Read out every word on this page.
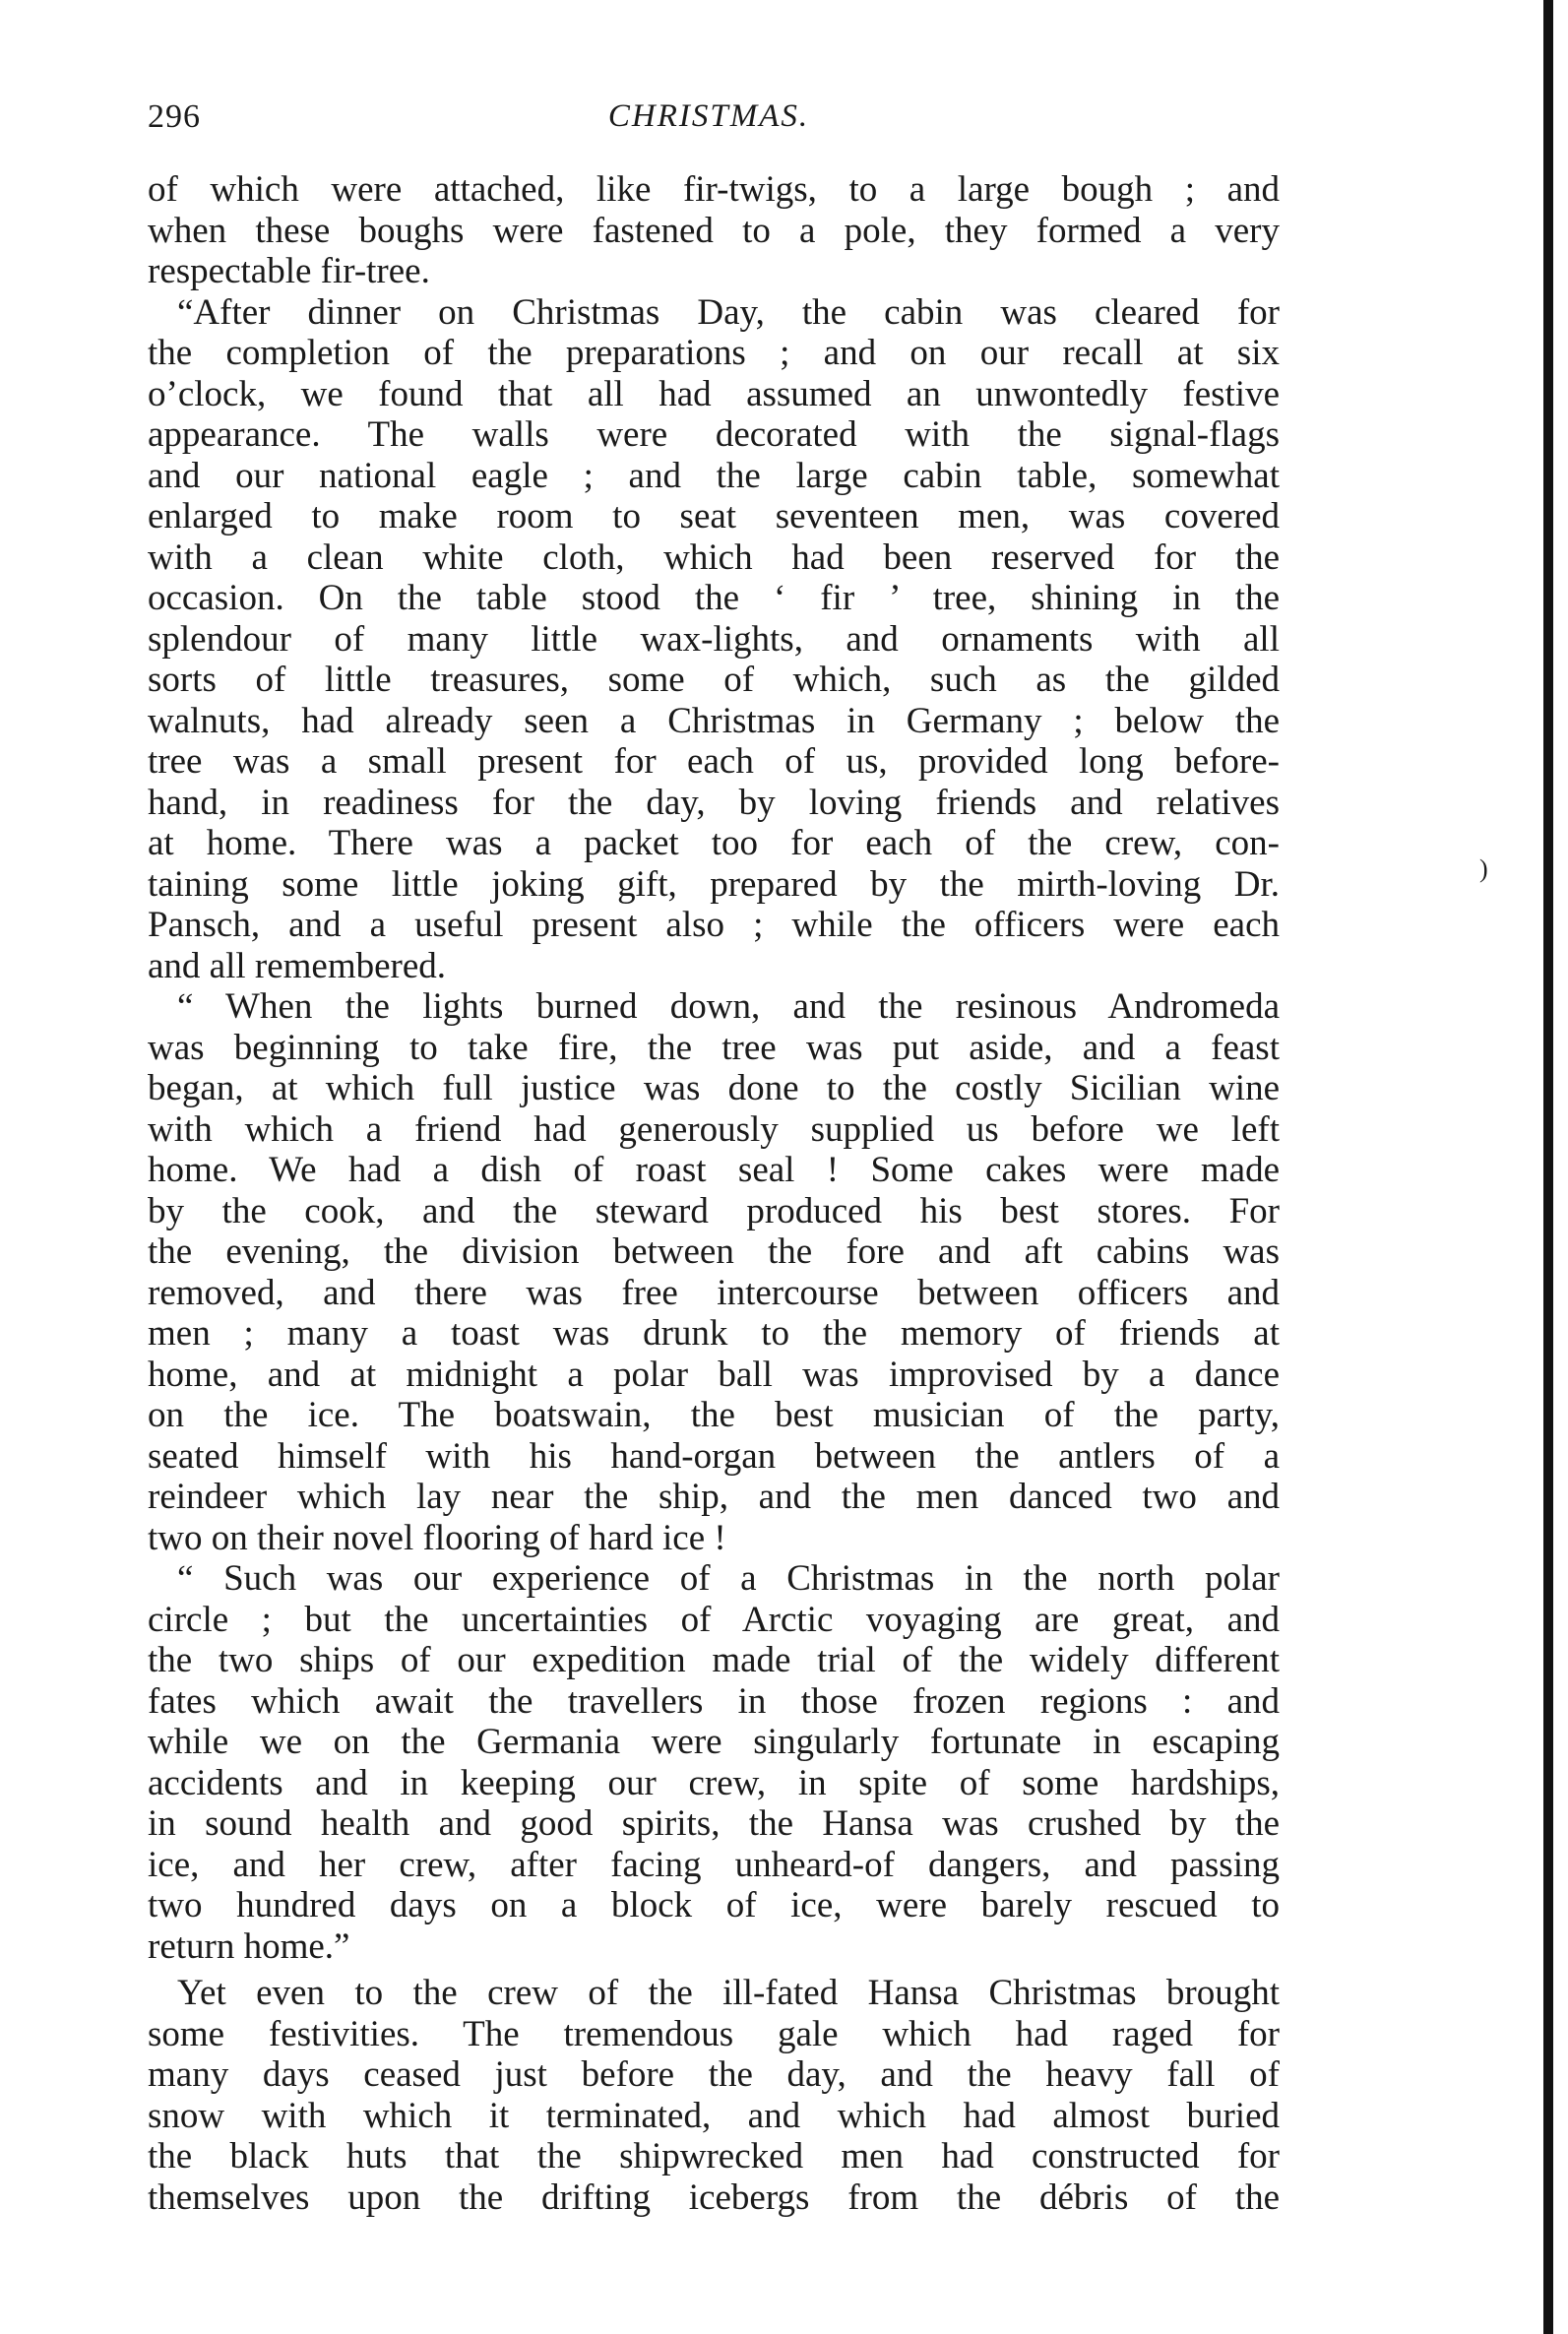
296	CHRISTMAS.
of which were attached, like fir-twigs, to a large bough ; and
when these boughs were fastened to a pole, they formed a very
respectable fir-tree.
“After dinner on Christmas Day, the cabin was cleared for
the completion of the preparations ; and on our recall at six
o’clock, we found that all had assumed an unwontedly festive
appearance. The walls were decorated with the signal-flags
and our national eagle ; and the large cabin table, somewhat
enlarged to make room to seat seventeen men, was covered
with a clean white cloth, which had been reserved for the
occasion. On the table stood the ‘ fir ’ tree, shining in the
splendour of many little wax-lights, and ornaments with all
sorts of little treasures, some of which, such as the gilded
walnuts, had already seen a Christmas in Germany ; below the
tree was a small present for each of us, provided long before-
hand, in readiness for the day, by loving friends and relatives
at home. There was a packet too for each of the crew, con-
taining some little joking gift, prepared by the mirth-loving Dr.
Pansch, and a useful present also ; while the officers were each
and all remembered.
“ When the lights burned down, and the resinous Andromeda
was beginning to take fire, the tree was put aside, and a feast
began, at which full justice was done to the costly Sicilian wine
with which a friend had generously supplied us before we left
home. We had a dish of roast seal ! Some cakes were made
by the cook, and the steward produced his best stores. For
the evening, the division between the fore and aft cabins was
removed, and there was free intercourse between officers and
men ; many a toast was drunk to the memory of friends at
home, and at midnight a polar ball was improvised by a dance
on the ice. The boatswain, the best musician of the party,
seated himself with his hand-organ between the antlers of a
reindeer which lay near the ship, and the men danced two and
two on their novel flooring of hard ice !
“ Such was our experience of a Christmas in the north polar
circle ; but the uncertainties of Arctic voyaging are great, and
the two ships of our expedition made trial of the widely different
fates which await the travellers in those frozen regions : and
while we on the Germania were singularly fortunate in escaping
accidents and in keeping our crew, in spite of some hardships,
in sound health and good spirits, the Hansa was crushed by the
ice, and her crew, after facing unheard-of dangers, and passing
two hundred days on a block of ice, were barely rescued to
return home.”
Yet even to the crew of the ill-fated Hansa Christmas brought
some festivities. The tremendous gale which had raged for
many days ceased just before the day, and the heavy fall of
snow with which it terminated, and which had almost buried
the black huts that the shipwrecked men had constructed for
themselves upon the drifting icebergs from the débris of the
)
